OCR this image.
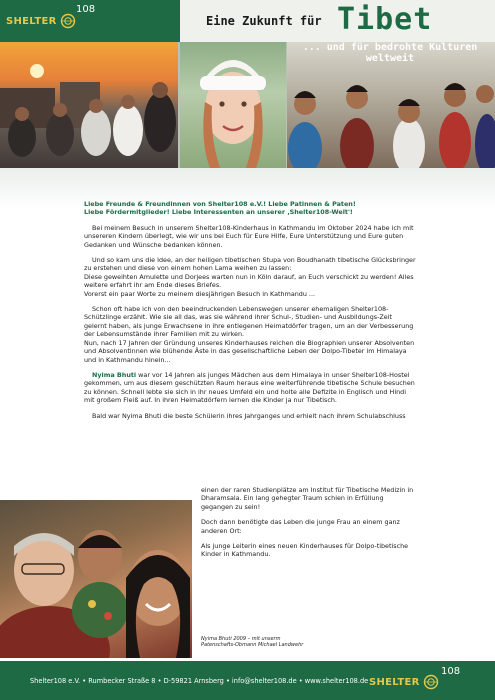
SHELTER
108
Eine Zukunft für Tibet
... und für bedrohte Kulturen weltweit

Liebe Freunde & Freundinnen von Shelter108 e.V.! Liebe Patinnen & Paten!
Liebe Fördermitglieder! Liebe Interessenten an unserer ‚Shelter108-Welt'!

Bei meinem Besuch in unserem Shelter108-Kinderhaus in Kathmandu im Oktober 2024 habe ich mit unsereren Kindern überlegt, wie wir uns bei Euch für Eure Hilfe, Eure Unterstützung und Eure guten Gedanken und Wünsche bedanken können.

Und so kam uns die Idee, an der heiligen tibetischen Stupa von Boudhanath tibetische Glücksbringer zu erstehen und diese von einem hohen Lama weihen zu lassen:
Diese geweihten Amulette und Dorjees warten nun in Köln darauf, an Euch verschickt zu werden! Alles weitere erfahrt ihr am Ende dieses Briefes.
Vorerst ein paar Worte zu meinem diesjährigen Besuch in Kathmandu ...

Schon oft habe ich von den beeindruckenden Lebenswegen unserer ehemaligen Shelter108-Schützlinge erzählt. Wie sie all das, was sie während ihrer Schul-, Studien- und Ausbildungs-Zeit gelernt haben, als junge Erwachsene in ihre entlegenen Heimatdörfer tragen, um an der Verbesserung der Lebensumstände ihrer Familien mit zu wirken.
Nun, nach 17 Jahren der Gründung unseres Kinderhauses reichen die Biographien unserer Absolventen und Absolventinnen wie blühende Äste in das gesellschaftliche Leben der Dolpo-Tibeter im Himalaya und in Kathmandu hinein...

Nyima Bhuti war vor 14 Jahren als junges Mädchen aus dem Himalaya in unser Shelter108-Hostel gekommen, um aus diesem geschützten Raum heraus eine weiterführende tibetische Schule besuchen zu können. Schnell lebte sie sich in ihr neues Umfeld ein und holte alle Defizite in Englisch und Hindi mit großem Fleiß auf. In ihren Heimatdörfern lernen die Kinder ja nur Tibetisch.

Bald war Nyima Bhuti die beste Schülerin ihres Jahrganges und erhielt nach ihrem Schulabschluss

einen der raren Studienplätze am Institut für Tibetische Medizin in Dharamsala. Ein lang gehegter Traum schien in Erfüllung gegangen zu sein!

Doch dann benötigte das Leben die junge Frau an einem ganz anderen Ort:

Als junge Leiterin eines neuen Kinderhauses für Dolpo-tibetische Kinder in Kathmandu.

Nyima Bhuti 2009 – mit unserm
Patenschafts-Obmann Michael Landwehr
Shelter108 e.V. • Rumbecker Straße 8 • D-59821 Arnsberg • info@shelter108.de • www.shelter108.de SHELTER
108
